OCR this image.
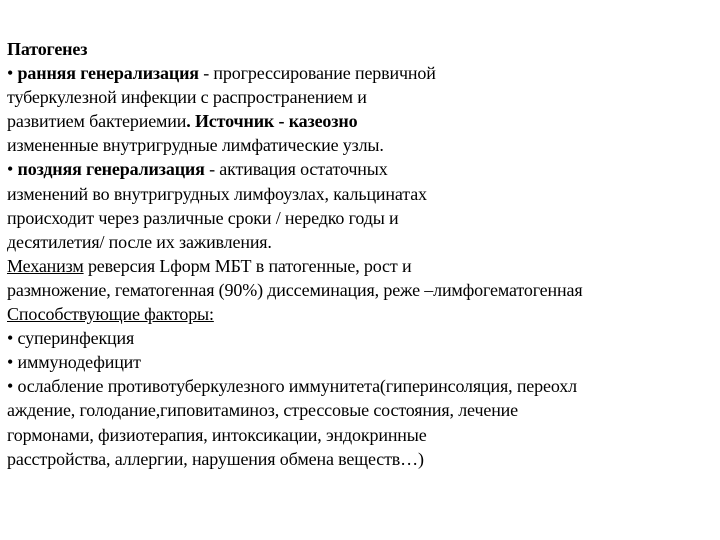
Патогенез
• ранняя генерализация - прогрессирование первичной
туберкулезной инфекции с распространением и
развитием бактериемии. Источник - казеозно
измененные внутригрудные лимфатические узлы.
• поздняя генерализация - активация остаточных
изменений во внутригрудных лимфоузлах, кальцинатах
происходит через различные сроки / нередко годы и
десятилетия/ после их заживления.
Механизм реверсия Lформ МБТ в патогенные, рост и
размножение, гематогенная (90%) диссеминация, реже –лимфогематогенная
Способствующие факторы:
• суперинфекция
• иммунодефицит
• ослабление противотуберкулезного иммунитета(гиперинсоляция, переохл
аждение, голодание,гиповитаминоз, стрессовые состояния, лечение
гормонами, физиотерапия, интоксикации, эндокринные
расстройства, аллергии, нарушения обмена веществ…)
